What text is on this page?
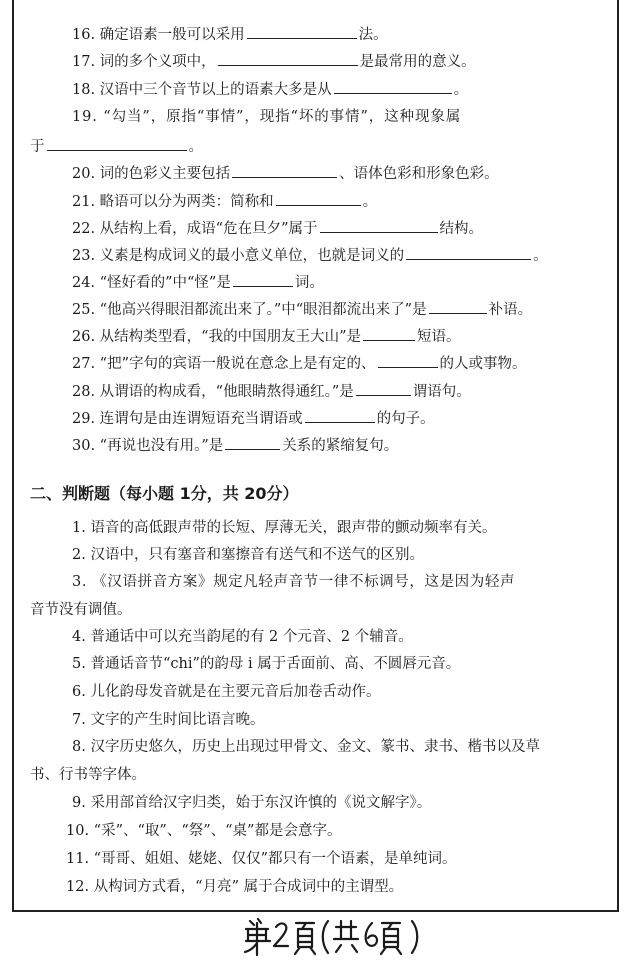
16. 确定语素一般可以采用	法。
17. 词的多个义项中，	是最常用的意义。
18. 汉语中三个音节以上的语素大多是从	。
19. “勾当”，原指“事情”，现指“坏的事情”，这种现象属
于	。
20. 词的色彩义主要包括	、语体色彩和形象色彩。
21. 略语可以分为两类：简称和	。
22. 从结构上看，成语“危在旦夕”属于	结构。
23. 义素是构成词义的最小意义单位，也就是词义的	。
24. “怪好看的”中“怪”是	词。
25. “他高兴得眼泪都流出来了。”中“眼泪都流出来了”是	补语。
26. 从结构类型看，“我的中国朋友王大山”是	短语。
27. “把”字句的宾语一般说在意念上是有定的、	的人或事物。
28. 从谓语的构成看，“他眼睛熬得通红。”是	谓语句。
29. 连谓句是由连谓短语充当谓语或	的句子。
30. “再说也没有用。”是	关系的紧缩复句。
二、判断题（每小题 1分，共 20分）
1. 语音的高低跟声带的长短、厚薄无关，跟声带的颤动频率有关。
2. 汉语中，只有塞音和塞擦音有送气和不送气的区别。
3. 《汉语拼音方案》规定凡轻声音节一律不标调号，这是因为轻声
音节没有调值。
4. 普通话中可以充当韵尾的有 2 个元音、2 个辅音。
5. 普通话音节“chi”的韵母 i 属于舌面前、高、不圆唇元音。
6. 儿化韵母发音就是在主要元音后加卷舌动作。
7. 文字的产生时间比语言晚。
8. 汉字历史悠久，历史上出现过甲骨文、金文、篆书、隶书、楷书以及草
书、行书等字体。
9. 采用部首给汉字归类，始于东汉许慎的《说文解字》。
10. “采”、“取”、“祭”、“桌”都是会意字。
11. “哥哥、姐姐、姥姥、仅仅”都只有一个语素，是单纯词。
12. 从构词方式看，“月亮” 属于合成词中的主谓型。
